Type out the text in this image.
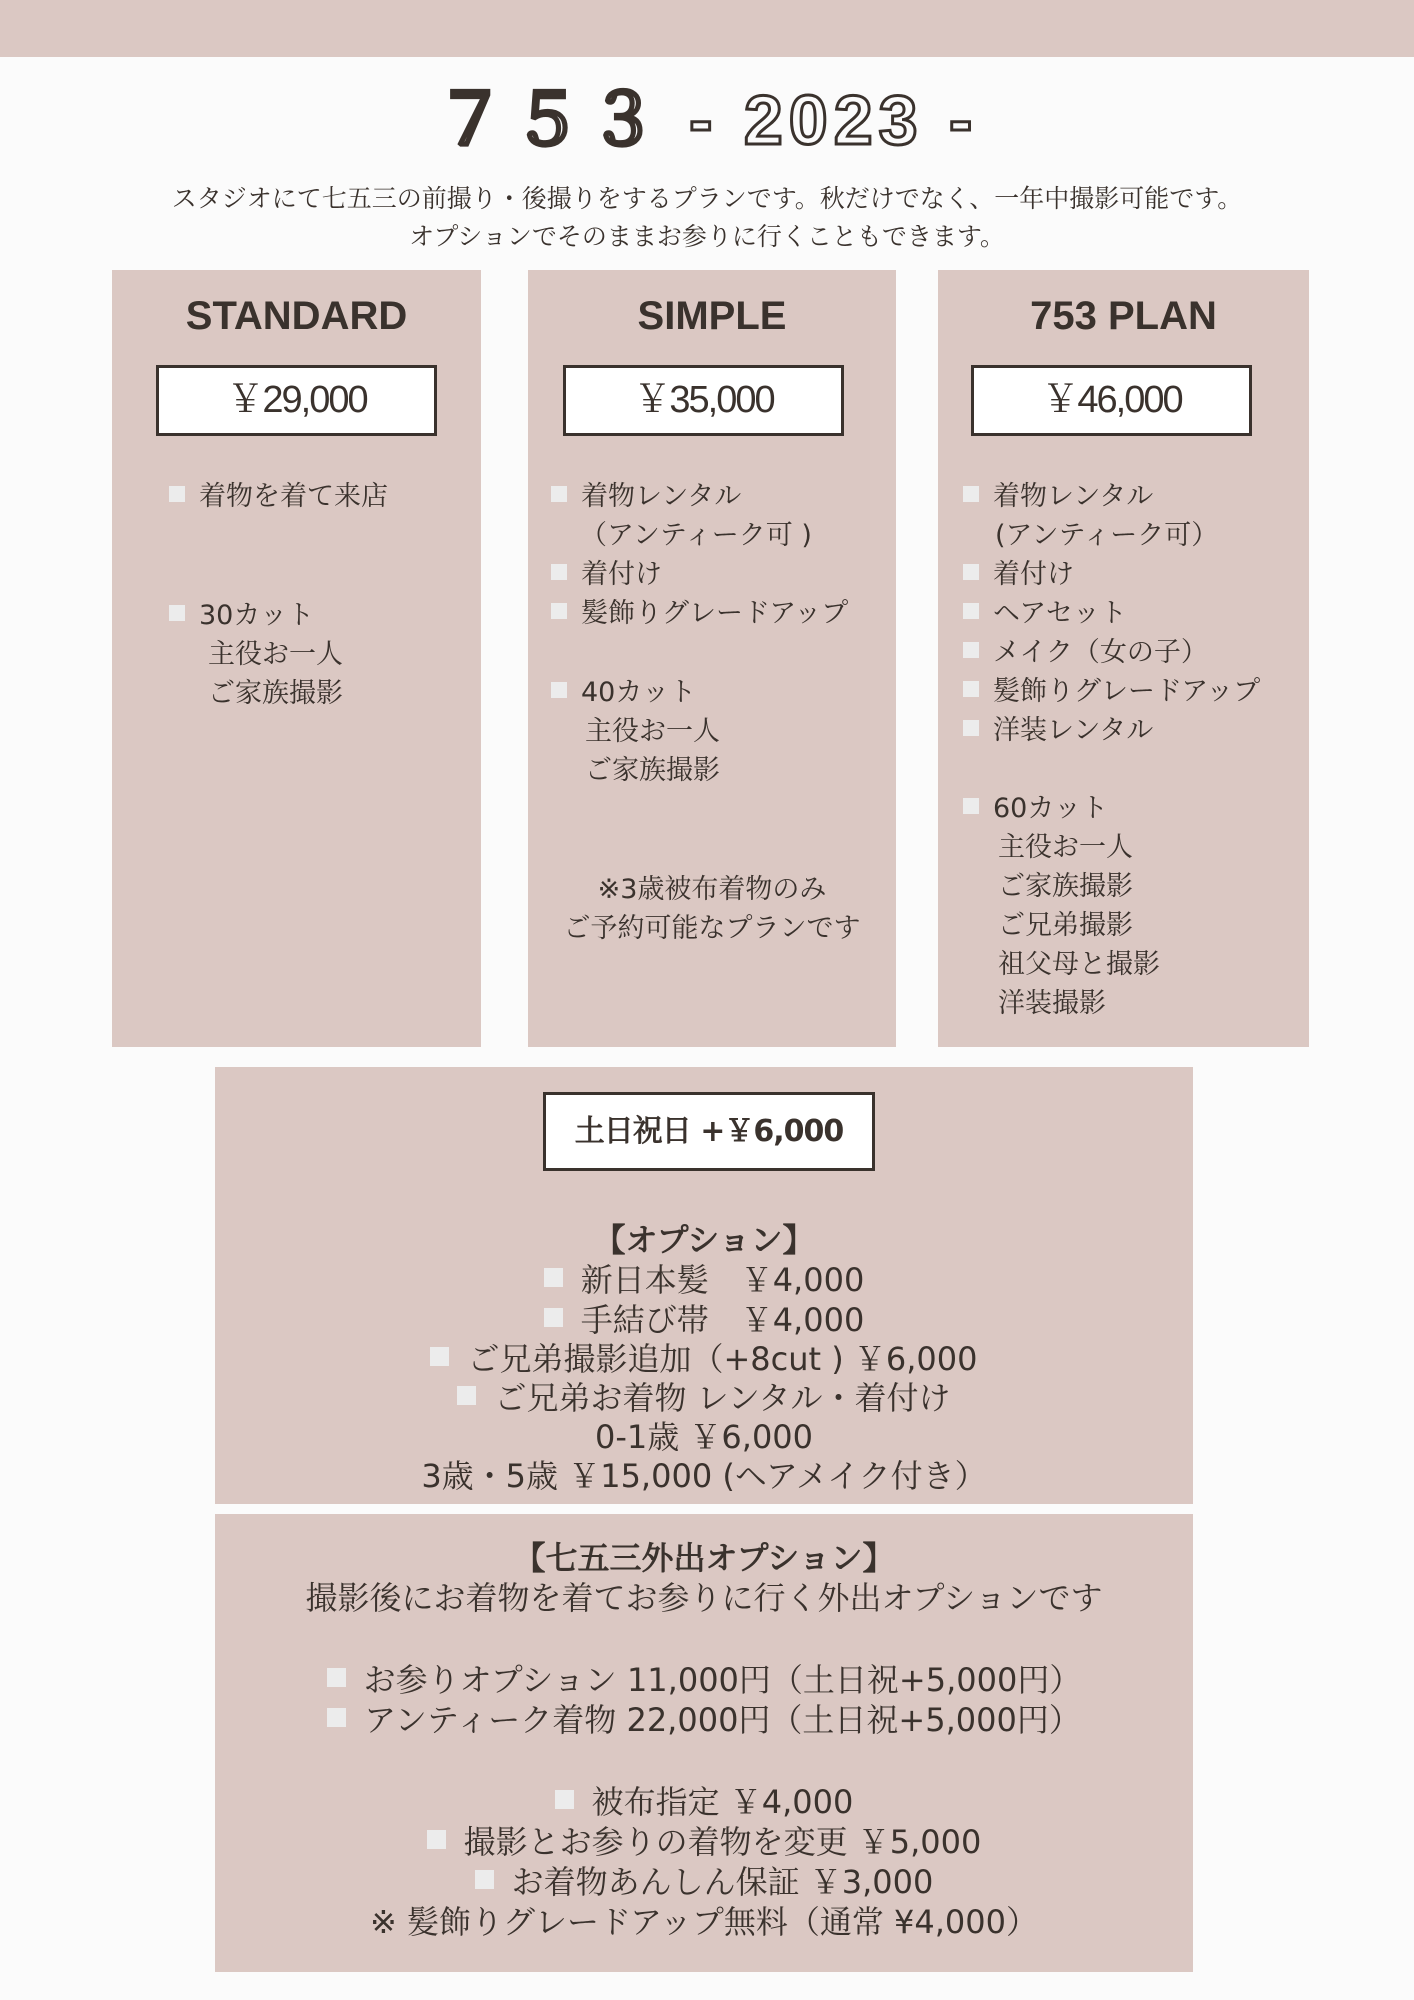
７５３ - 2023 -
スタジオにて七五三の前撮り・後撮りをするプランです。秋だけでなく、一年中撮影可能です。
オプションでそのままお参りに行くこともできます。
STANDARD
￥29,000
着物を着て来店
30カット
主役お一人
ご家族撮影
SIMPLE
￥35,000
着物レンタル
（アンティーク可 )
着付け
髪飾りグレードアップ
40カット
主役お一人
ご家族撮影
※3歳被布着物のみ
ご予約可能なプランです
753 PLAN
￥46,000
着物レンタル
(アンティーク可）
着付け
ヘアセット
メイク（女の子）
髪飾りグレードアップ
洋装レンタル
60カット
主役お一人
ご家族撮影
ご兄弟撮影
祖父母と撮影
洋装撮影
土日祝日 +￥6,000
【オプション】
新日本髪　￥4,000
手結び帯　￥4,000
ご兄弟撮影追加（+8cut ) ￥6,000
ご兄弟お着物 レンタル・着付け
0-1歳 ￥6,000
3歳・5歳 ￥15,000 (ヘアメイク付き）
【七五三外出オプション】
撮影後にお着物を着てお参りに行く外出オプションです
お参りオプション 11,000円（土日祝+5,000円）
アンティーク着物 22,000円（土日祝+5,000円）
被布指定 ￥4,000
撮影とお参りの着物を変更 ￥5,000
お着物あんしん保証 ￥3,000
※ 髪飾りグレードアップ無料（通常 ¥4,000）
